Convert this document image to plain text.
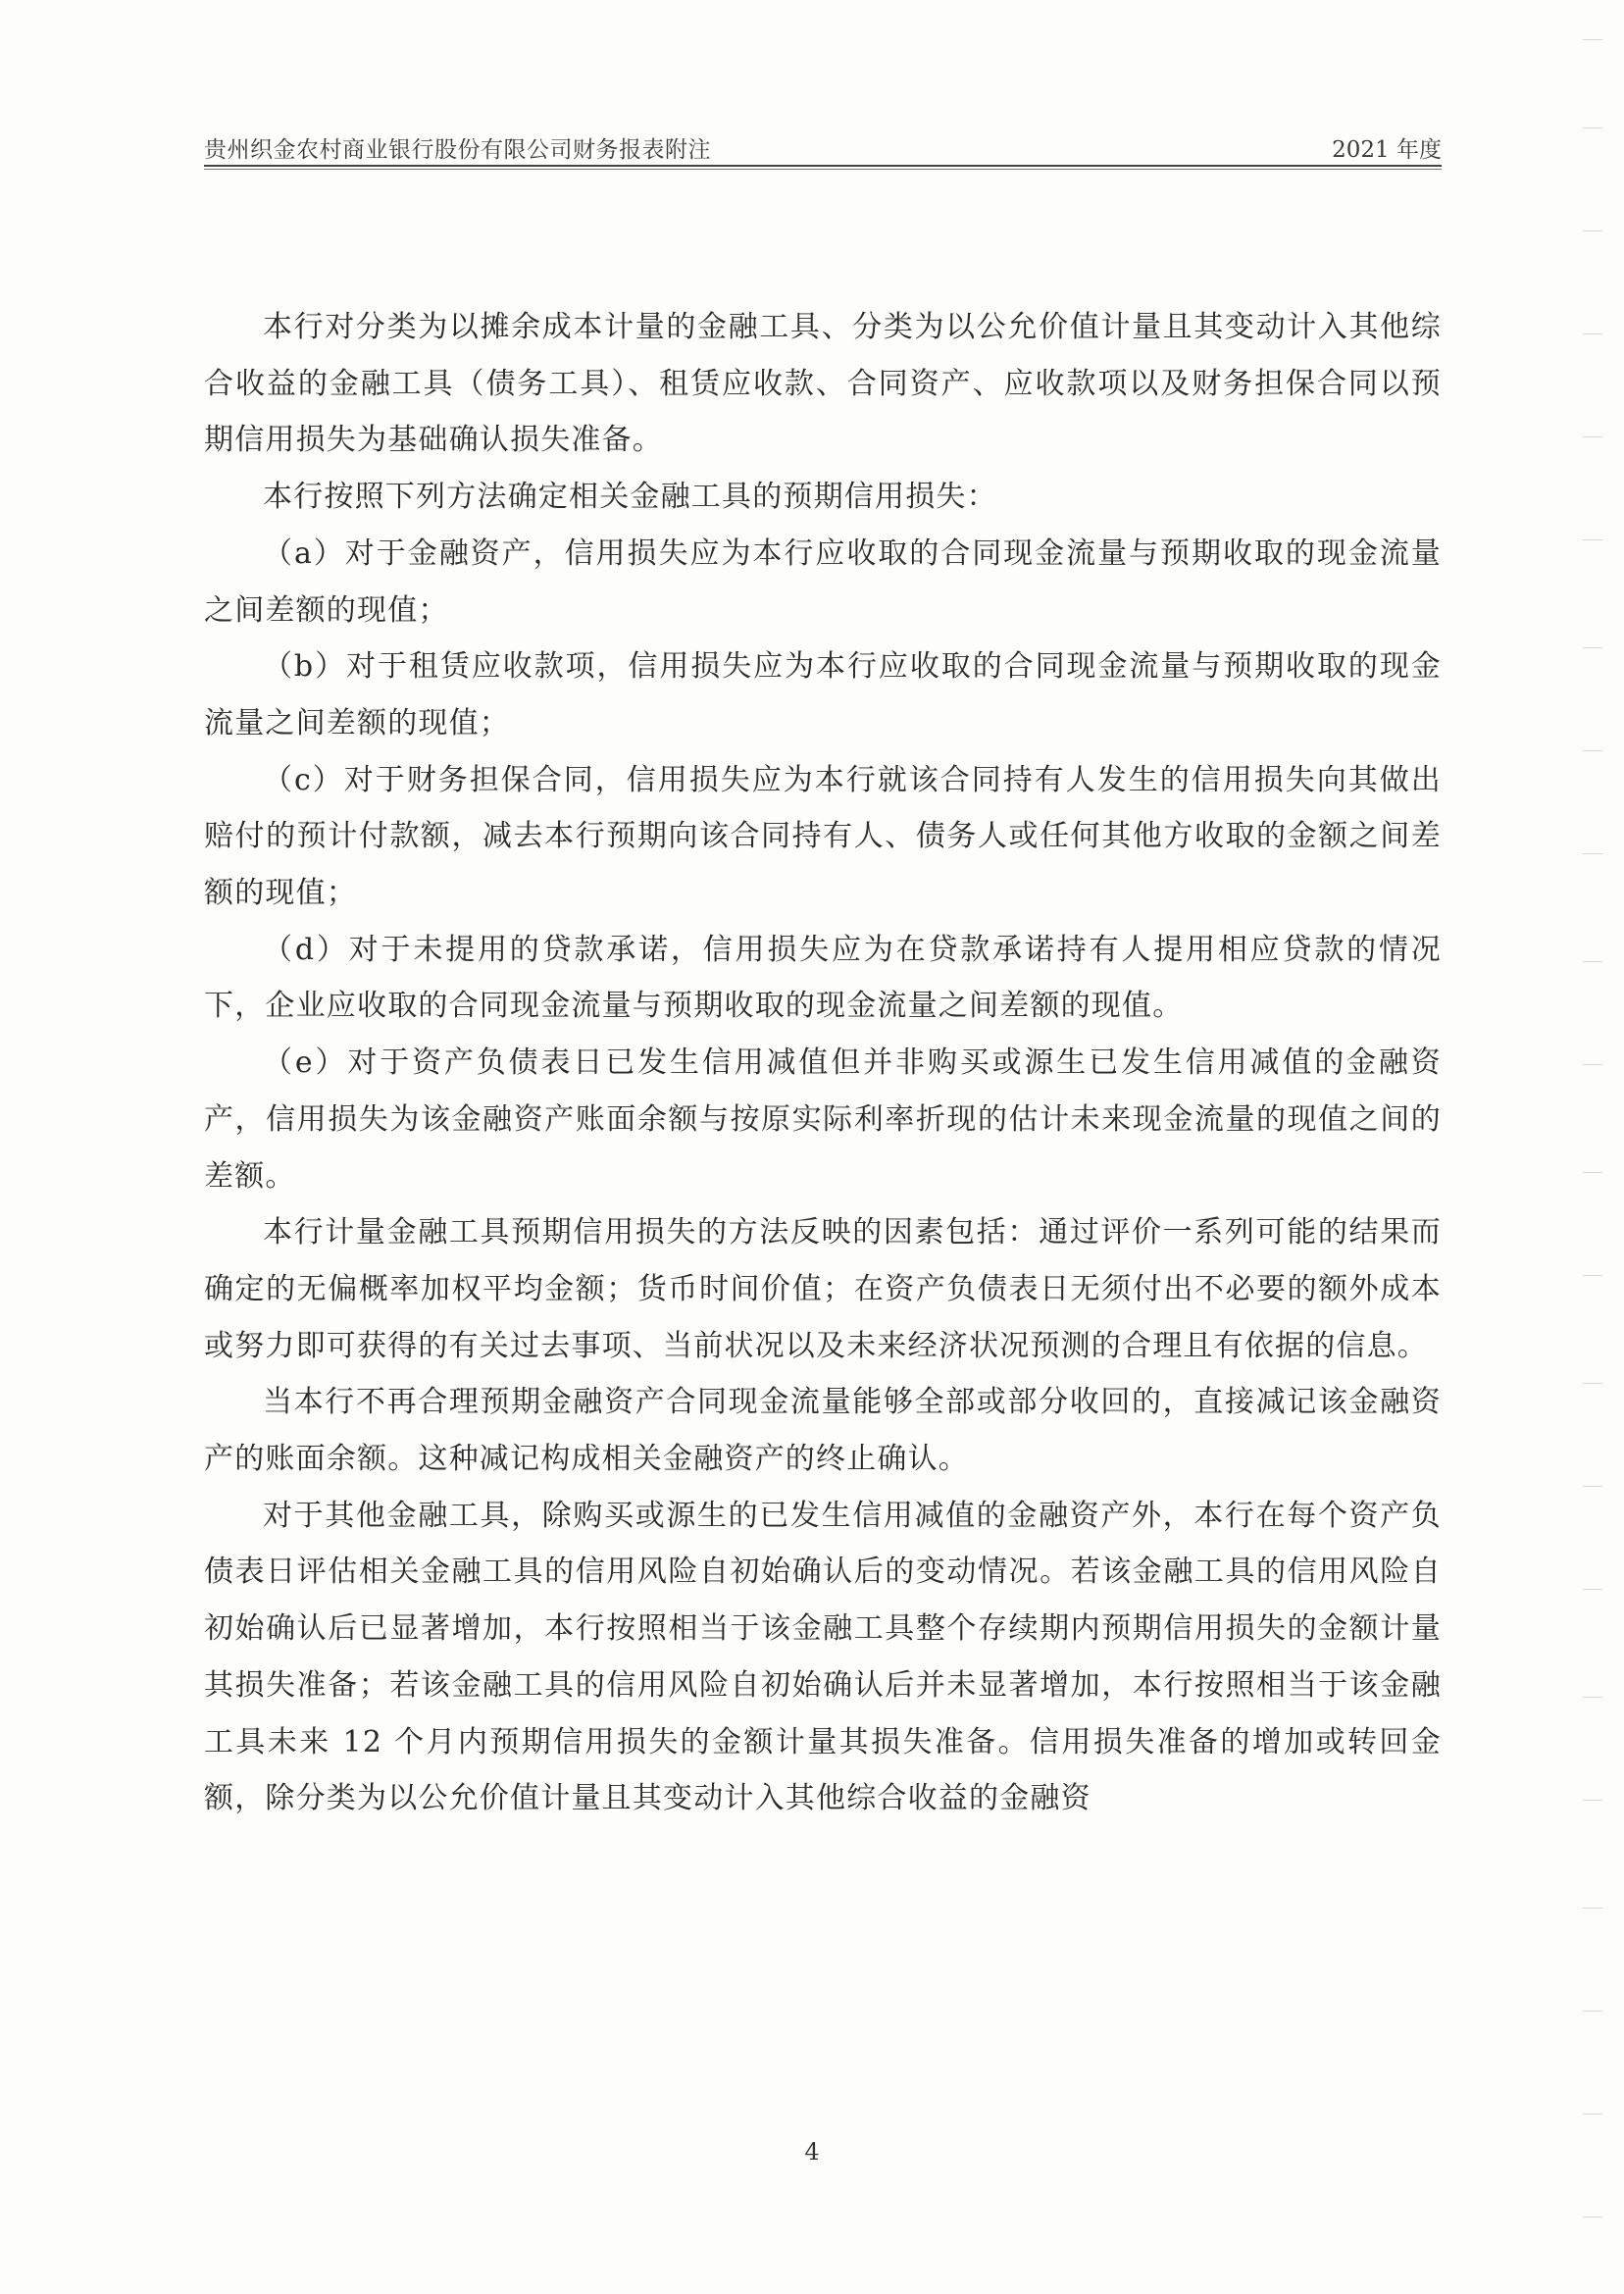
贵州织金农村商业银行股份有限公司财务报表附注	2021 年度

本行对分类为以摊余成本计量的金融工具、分类为以公允价值计量且其变动计入其他综合收益的金融工具（债务工具）、租赁应收款、合同资产、应收款项以及财务担保合同以预期信用损失为基础确认损失准备。

本行按照下列方法确定相关金融工具的预期信用损失：

（a）对于金融资产，信用损失应为本行应收取的合同现金流量与预期收取的现金流量之间差额的现值；

（b）对于租赁应收款项，信用损失应为本行应收取的合同现金流量与预期收取的现金流量之间差额的现值；

（c）对于财务担保合同，信用损失应为本行就该合同持有人发生的信用损失向其做出赔付的预计付款额，减去本行预期向该合同持有人、债务人或任何其他方收取的金额之间差额的现值；

（d）对于未提用的贷款承诺，信用损失应为在贷款承诺持有人提用相应贷款的情况下，企业应收取的合同现金流量与预期收取的现金流量之间差额的现值。

（e）对于资产负债表日已发生信用减值但并非购买或源生已发生信用减值的金融资产，信用损失为该金融资产账面余额与按原实际利率折现的估计未来现金流量的现值之间的差额。

本行计量金融工具预期信用损失的方法反映的因素包括：通过评价一系列可能的结果而确定的无偏概率加权平均金额；货币时间价值；在资产负债表日无须付出不必要的额外成本或努力即可获得的有关过去事项、当前状况以及未来经济状况预测的合理且有依据的信息。

当本行不再合理预期金融资产合同现金流量能够全部或部分收回的，直接减记该金融资产的账面余额。这种减记构成相关金融资产的终止确认。

对于其他金融工具，除购买或源生的已发生信用减值的金融资产外，本行在每个资产负债表日评估相关金融工具的信用风险自初始确认后的变动情况。若该金融工具的信用风险自初始确认后已显著增加，本行按照相当于该金融工具整个存续期内预期信用损失的金额计量其损失准备；若该金融工具的信用风险自初始确认后并未显著增加，本行按照相当于该金融工具未来 12 个月内预期信用损失的金额计量其损失准备。信用损失准备的增加或转回金额，除分类为以公允价值计量且其变动计入其他综合收益的金融资

4
